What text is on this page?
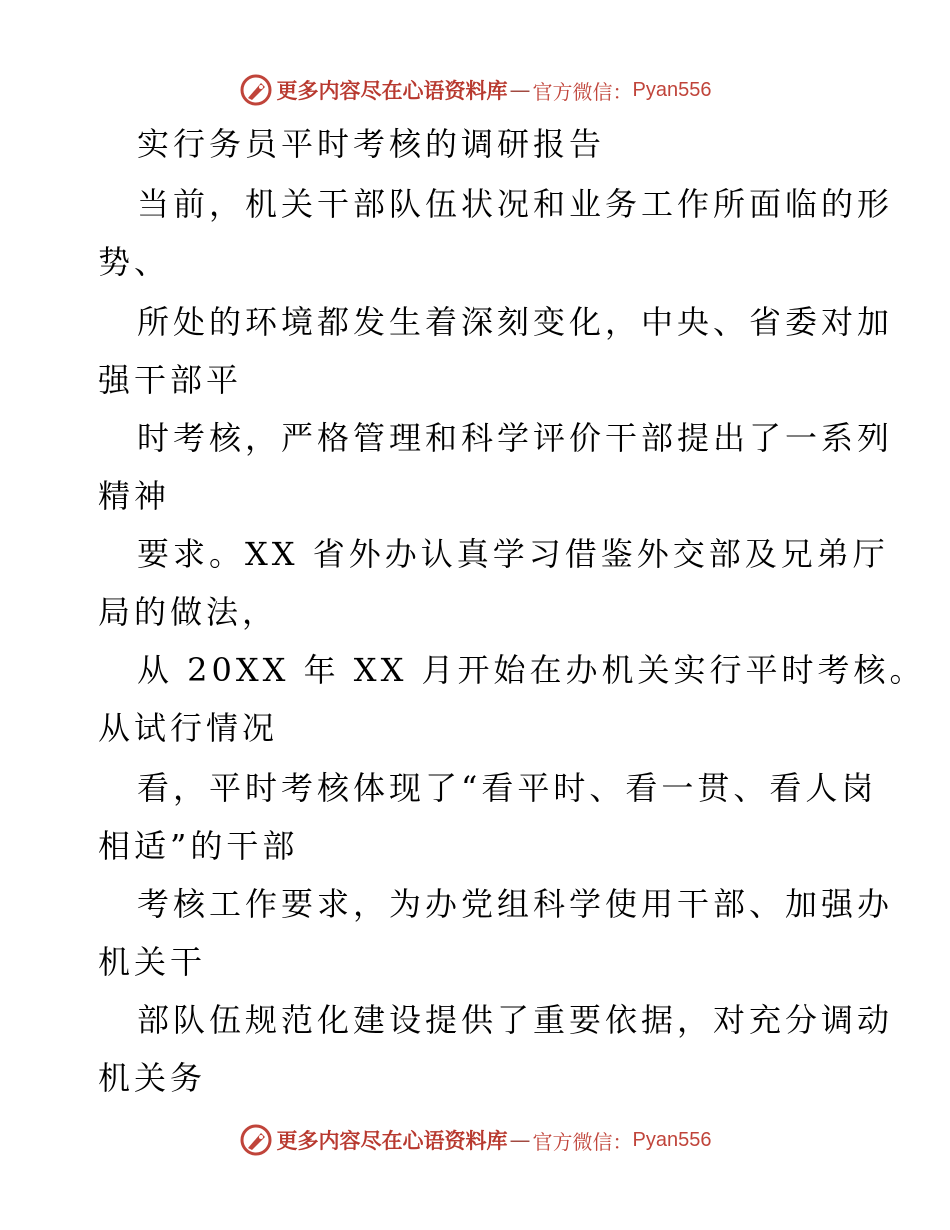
更多内容尽在心语资料库 — 官方微信： Pyan556
实行务员平时考核的调研报告
当前，机关干部队伍状况和业务工作所面临的形
势、
所处的环境都发生着深刻变化，中央、省委对加
强干部平
时考核，严格管理和科学评价干部提出了一系列
精神
要求。XX 省外办认真学习借鉴外交部及兄弟厅
局的做法，
从 20XX 年 XX 月开始在办机关实行平时考核。
从试行情况
看，平时考核体现了“看平时、看一贯、看人岗
相适”的干部
考核工作要求，为办党组科学使用干部、加强办
机关干
部队伍规范化建设提供了重要依据，对充分调动
机关务
更多内容尽在心语资料库 — 官方微信： Pyan556
